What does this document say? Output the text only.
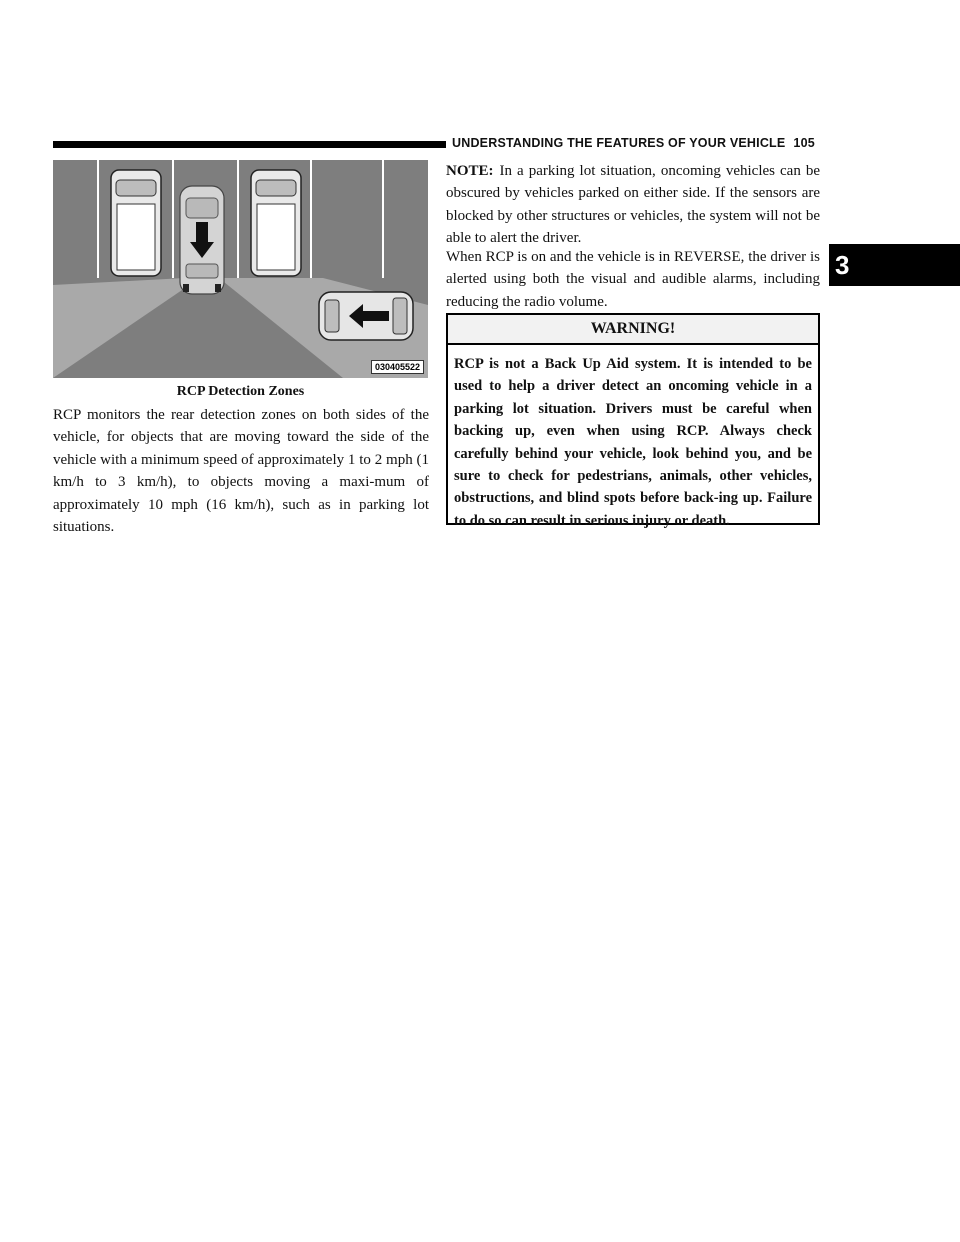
UNDERSTANDING THE FEATURES OF YOUR VEHICLE 105
3
030405522
RCP Detection Zones
RCP monitors the rear detection zones on both sides of the vehicle, for objects that are moving toward the side of the vehicle with a minimum speed of approximately 1 to 2 mph (1 km/h to 3 km/h), to objects moving a maxi-mum of approximately 10 mph (16 km/h), such as in parking lot situations.
NOTE: In a parking lot situation, oncoming vehicles can be obscured by vehicles parked on either side. If the sensors are blocked by other structures or vehicles, the system will not be able to alert the driver.
When RCP is on and the vehicle is in REVERSE, the driver is alerted using both the visual and audible alarms, including reducing the radio volume.
WARNING!
RCP is not a Back Up Aid system. It is intended to be used to help a driver detect an oncoming vehicle in a parking lot situation. Drivers must be careful when backing up, even when using RCP. Always check carefully behind your vehicle, look behind you, and be sure to check for pedestrians, animals, other vehicles, obstructions, and blind spots before back-ing up. Failure to do so can result in serious injury or death.
